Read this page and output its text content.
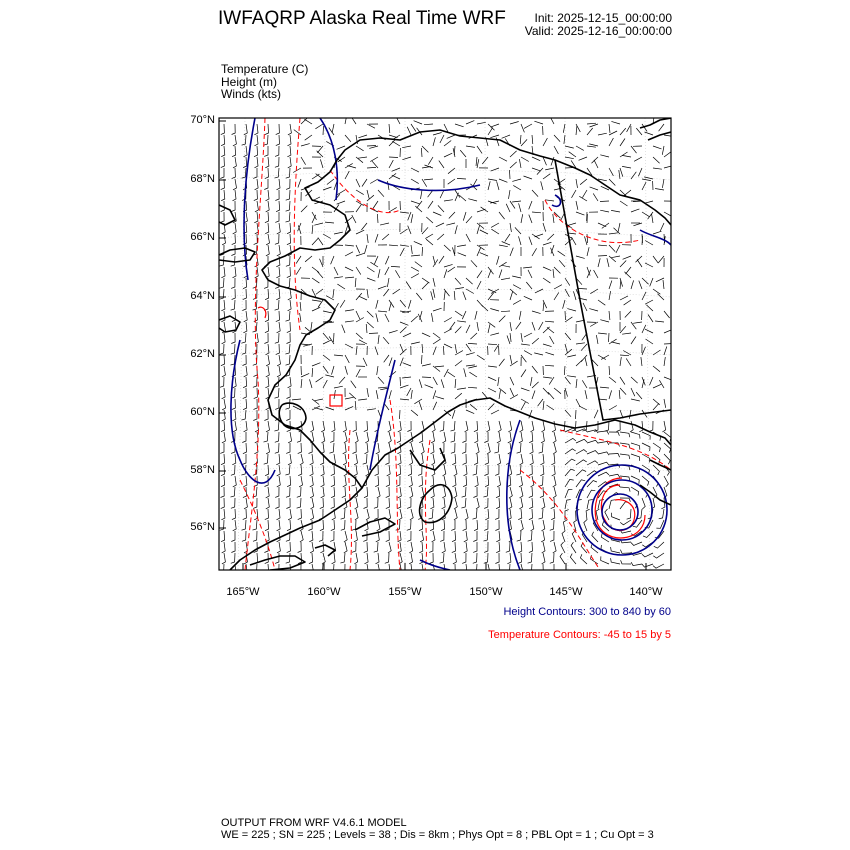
IWFAQRP Alaska Real Time WRF	Init: 2025-12-15_00:00:00
Valid: 2025-12-16_00:00:00
Temperature (C)
Height (m)
Winds (kts)
70°N
68°N
66°N
64°N
62°N
60°N
58°N
56°N
165°W	160°W	155°W	150°W	145°W	140°W
Height Contours: 300 to 840 by 60
Temperature Contours: -45 to 15 by 5
OUTPUT FROM WRF V4.6.1 MODEL
WE = 225 ; SN = 225 ; Levels = 38 ; Dis = 8km ; Phys Opt = 8 ; PBL Opt = 1 ; Cu Opt = 3
